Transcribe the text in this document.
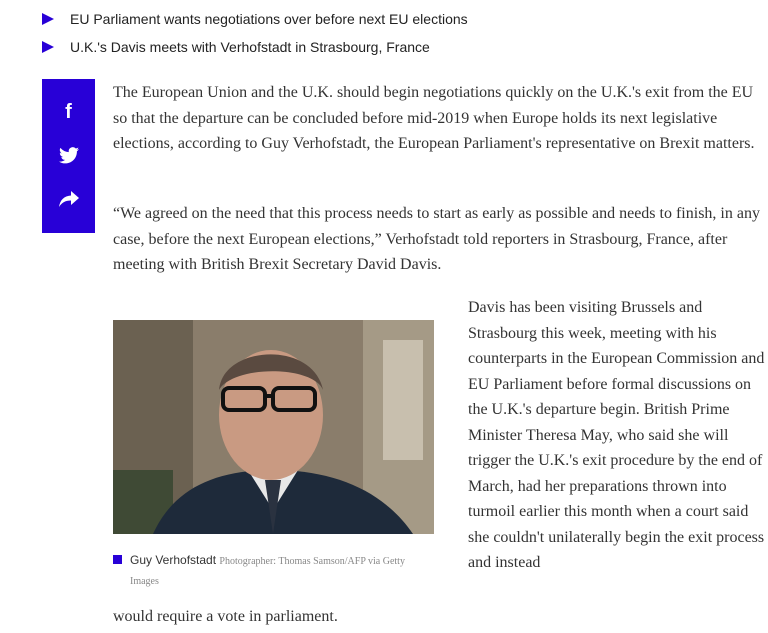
EU Parliament wants negotiations over before next EU elections
U.K.'s Davis meets with Verhofstadt in Strasbourg, France
f
The European Union and the U.K. should begin negotiations quickly on the U.K.'s exit from the EU so that the departure can be concluded before mid-2019 when Europe holds its next legislative elections, according to Guy Verhofstadt, the European Parliament's representative on Brexit matters.
“We agreed on the need that this process needs to start as early as possible and needs to finish, in any case, before the next European elections,” Verhofstadt told reporters in Strasbourg, France, after meeting with British Brexit Secretary David Davis.
Guy Verhofstadt Photographer: Thomas Samson/AFP via Getty Images
Davis has been visiting Brussels and Strasbourg this week, meeting with his counterparts in the European Commission and EU Parliament before formal discussions on the U.K.'s departure begin. British Prime Minister Theresa May, who said she will trigger the U.K.'s exit procedure by the end of March, had her preparations thrown into turmoil earlier this month when a court said she couldn't unilaterally begin the exit process and instead
would require a vote in parliament.
